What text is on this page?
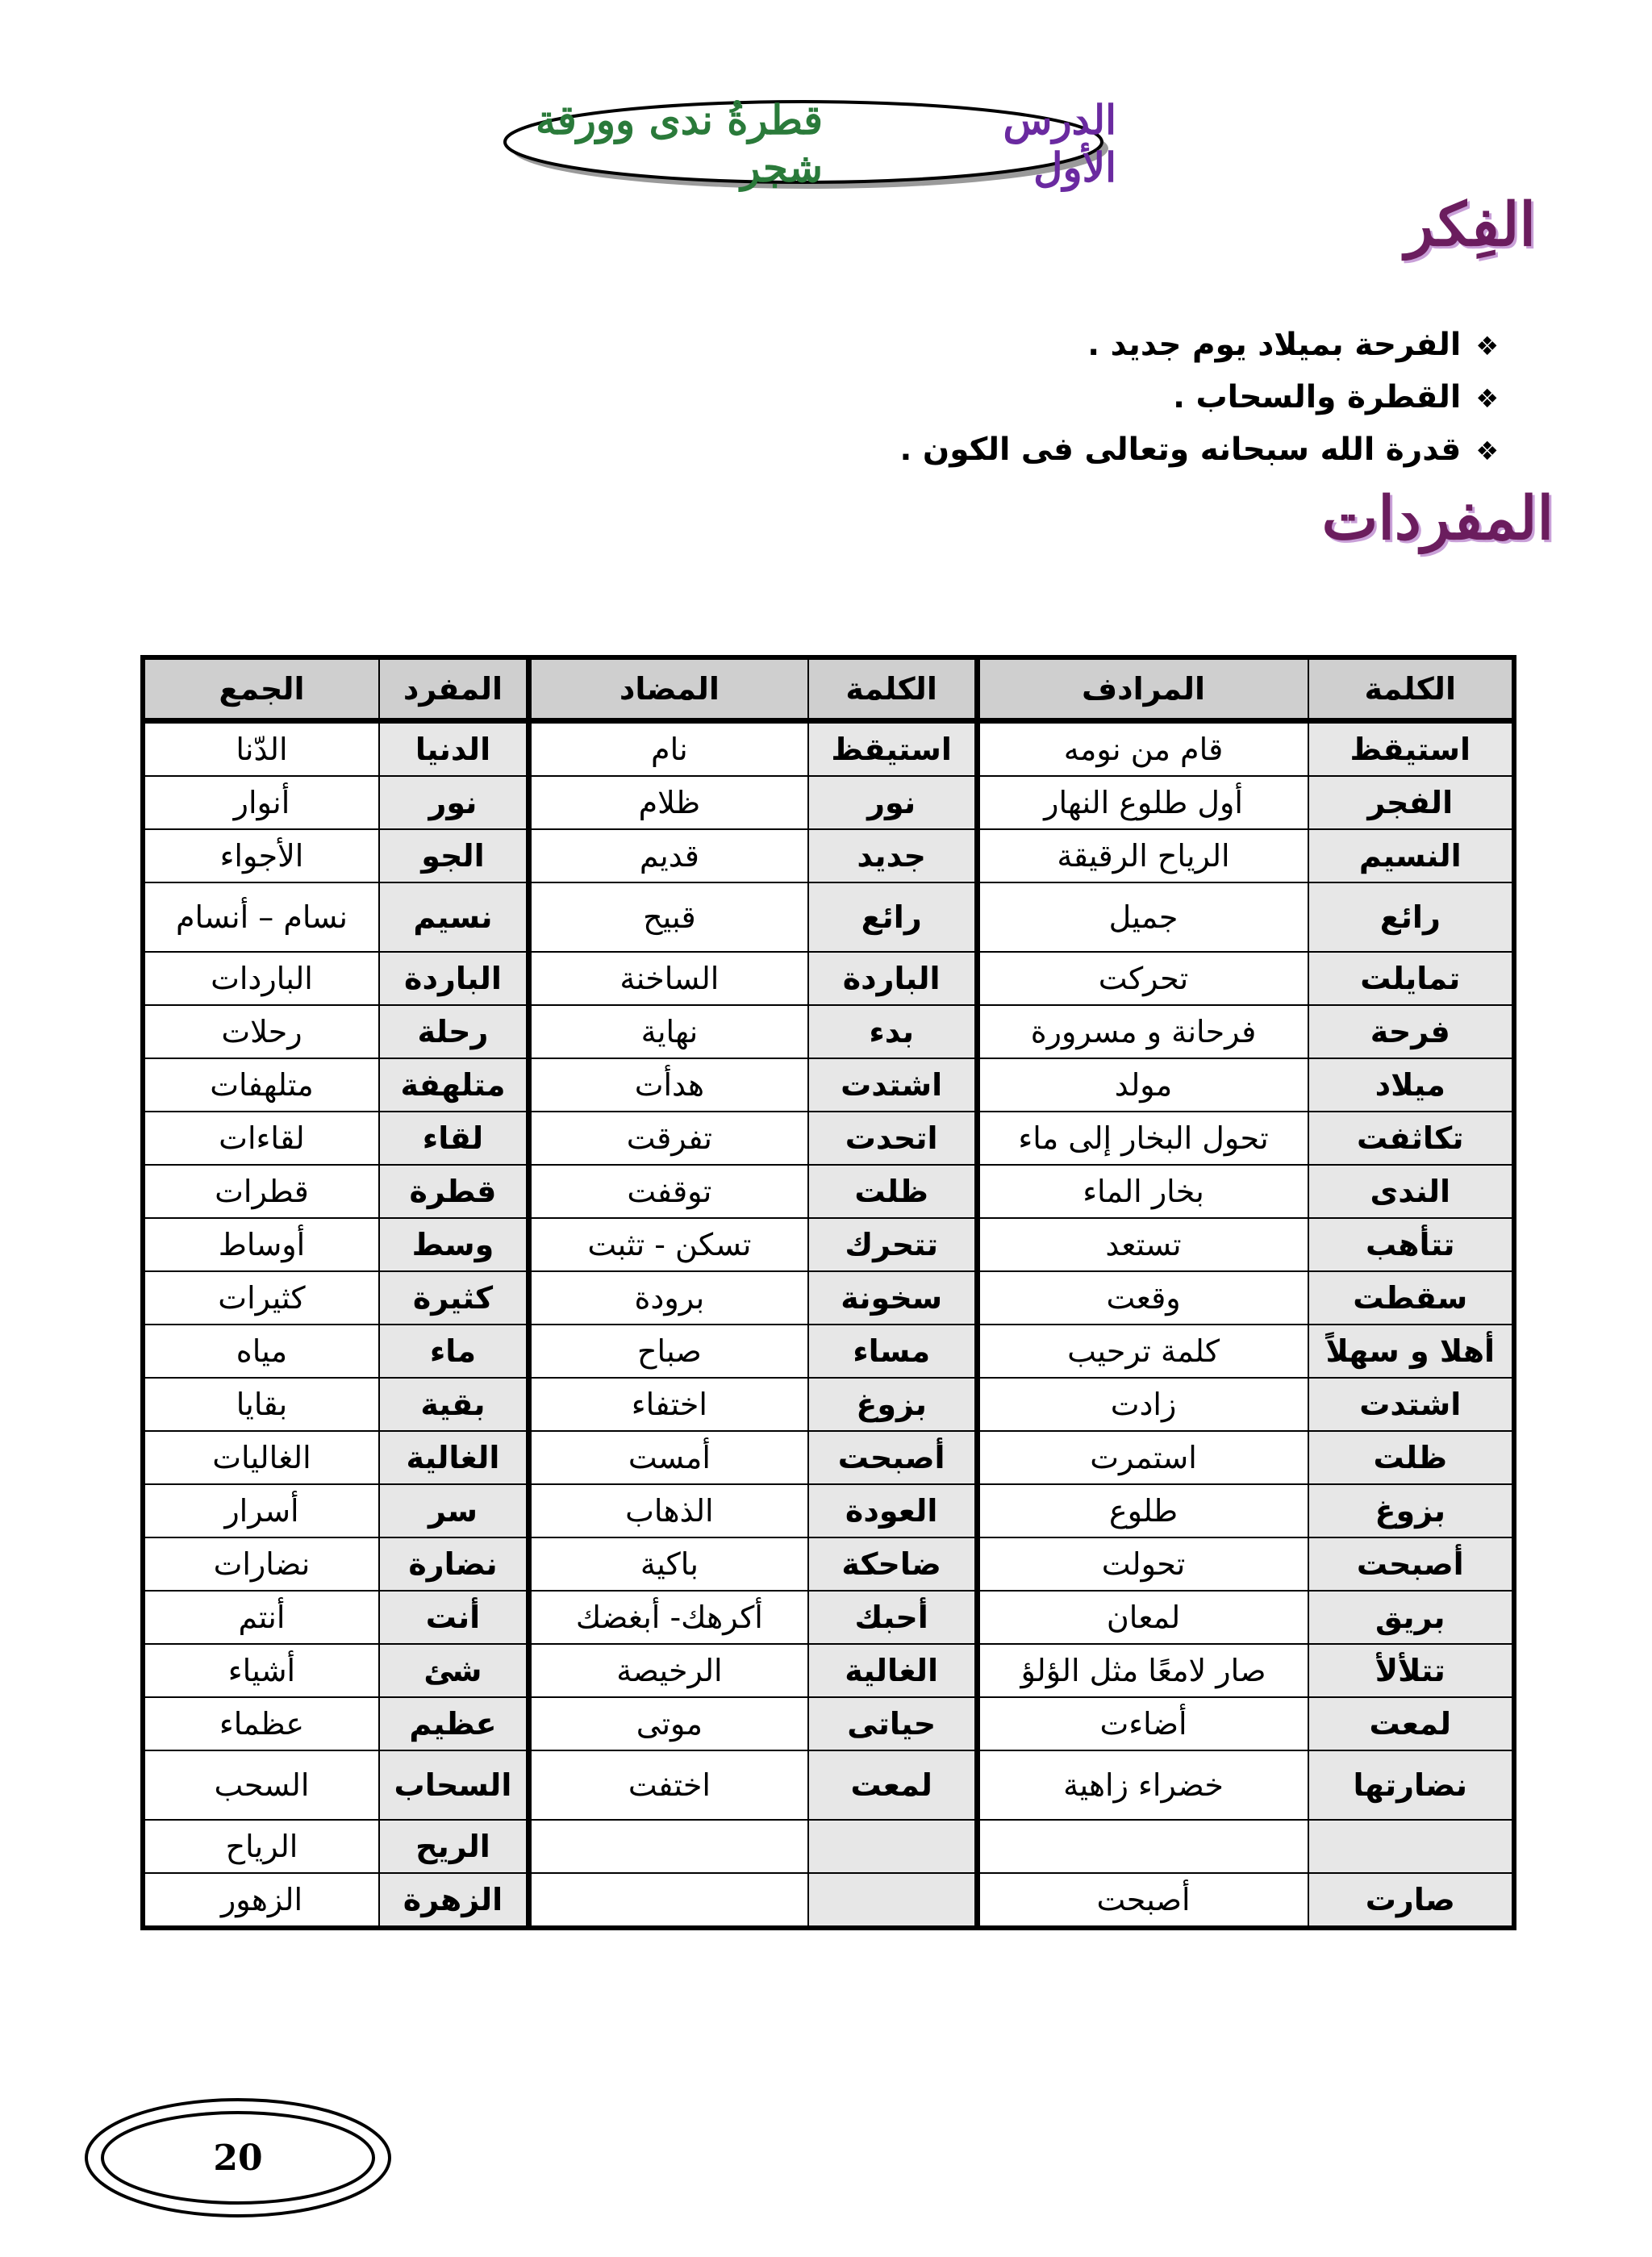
الدرس الأول
قطرةُ ندى وورقة شجر
الفِكر
❖ الفرحة بميلاد يوم جديد .
❖ القطرة والسحاب .
❖ قدرة الله سبحانه وتعالى فى الكون .
المفردات
الكلمة	المرادف	الكلمة	المضاد	المفرد	الجمع
استيقظ	قام من نومه	استيقظ	نام	الدنيا	الدّنا
الفجر	أول طلوع النهار	نور	ظلام	نور	أنوار
النسيم	الرياح الرقيقة	جديد	قديم	الجو	الأجواء
رائع	جميل	رائع	قبيح	نسيم	نسام – أنسام
تمايلت	تحركت	الباردة	الساخنة	الباردة	الباردات
فرحة	فرحانة و مسرورة	بدء	نهاية	رحلة	رحلات
ميلاد	مولد	اشتدت	هدأت	متلهفة	متلهفات
تكاثفت	تحول البخار إلى ماء	اتحدت	تفرقت	لقاء	لقاءات
الندى	بخار الماء	ظلت	توقفت	قطرة	قطرات
تتأهب	تستعد	تتحرك	تسكن - تثبت	وسط	أوساط
سقطت	وقعت	سخونة	برودة	كثيرة	كثيرات
أهلا و سهلاً	كلمة ترحيب	مساء	صباح	ماء	مياه
اشتدت	زادت	بزوغ	اختفاء	بقية	بقايا
ظلت	استمرت	أصبحت	أمست	الغالية	الغاليات
بزوغ	طلوع	العودة	الذهاب	سر	أسرار
أصبحت	تحولت	ضاحكة	باكية	نضارة	نضارات
بريق	لمعان	أحبك	أكرهك- أبغضك	أنت	أنتم
تتلألأ	صار لامعًا مثل الؤلؤ	الغالية	الرخيصة	شئ	أشياء
لمعت	أضاءت	حياتى	موتى	عظيم	عظماء
نضارتها	خضراء زاهية	لمعت	اختفت	السحاب	السحب
				الريح	الرياح
صارت	أصبحت			الزهرة	الزهور
20
